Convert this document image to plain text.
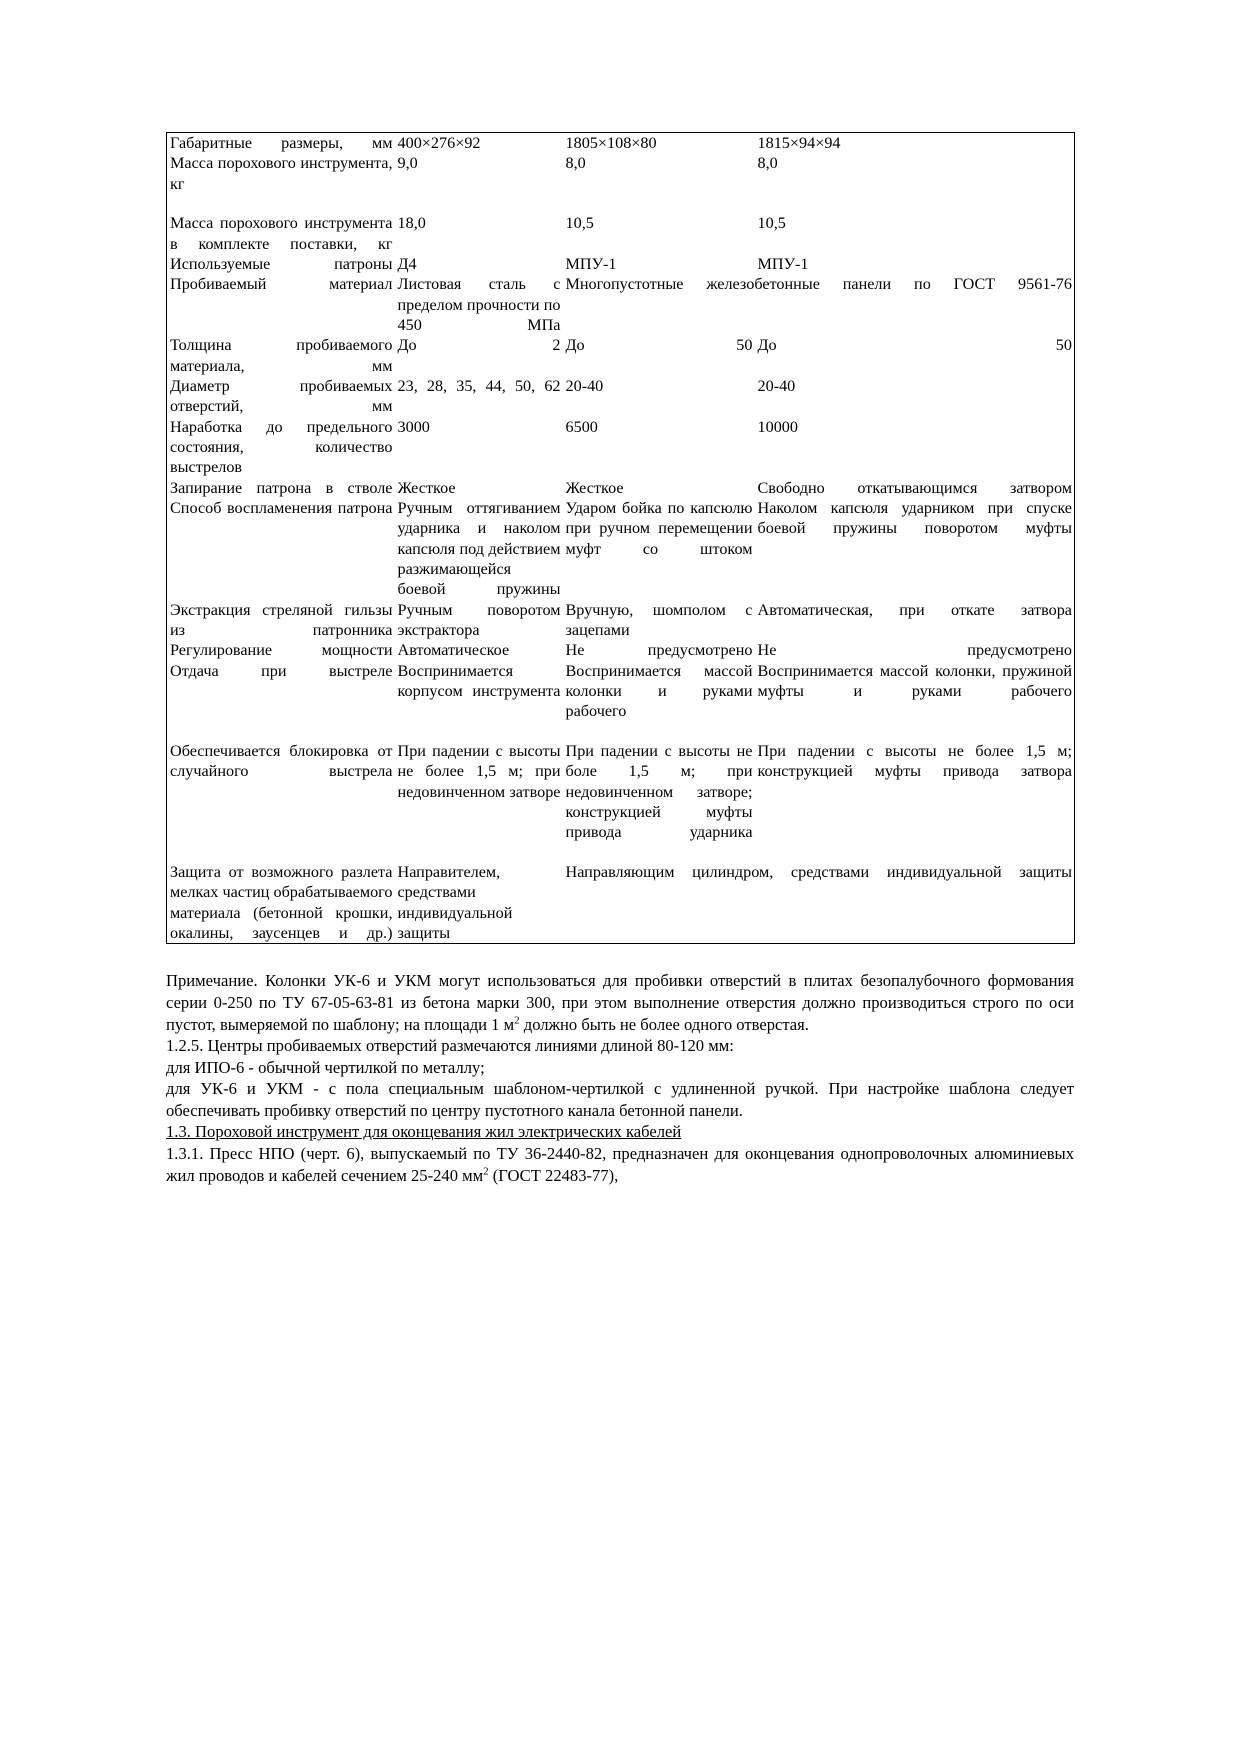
Габаритные размеры, мм	400×276×92	1805×108×80	1815×94×94
Масса порохового инструмента, кг	9,0	8,0	8,0

Масса порохового инструмента в комплекте поставки, кг	18,0	10,5	10,5
Используемые патроны	Д4	МПУ-1	МПУ-1
Пробиваемый материал	Листовая сталь с пределом прочности по 450 МПа	Многопустотные железобетонные панели по ГОСТ 9561-76	
Толщина пробиваемого материала, мм	До 2	До 50	До 50
Диаметр пробиваемых отверстий, мм	23, 28, 35, 44, 50, 62	20-40	20-40
Наработка до предельного состояния, количество выстрелов	3000	6500	10000
Запирание патрона в стволе	Жесткое	Жесткое	Свободно откатывающимся затвором
Способ воспламенения патрона	Ручным оттягиванием ударника и наколом капсюля под действием разжимающейся боевой пружины	Ударом бойка по капсюлю при ручном перемещении муфт со штоком	Наколом капсюля ударником при спуске боевой пружины поворотом муфты
Экстракция стреляной гильзы из патронника	Ручным поворотом экстрактора	Вручную, шомполом с зацепами	Автоматическая, при откате затвора
Регулирование мощности	Автоматическое	Не предусмотрено	Не предусмотрено
Отдача при выстреле	Воспринимается корпусом инструмента	Воспринимается массой колонки и руками рабочего	Воспринимается массой колонки, пружиной муфты и руками рабочего

Обеспечивается блокировка от случайного выстрела	При падении с высоты не более 1,5 м; при недовинченном затворе	При падении с высоты не боле 1,5 м; при недовинченном затворе; конструкцией муфты привода ударника	При падении с высоты не более 1,5 м; конструкцией муфты привода затвора

Защита от возможного разлета мелках частиц обрабатываемого материала (бетонной крошки, окалины, заусенцев и др.)	Направителем, средствами индивидуальной защиты	Направляющим цилиндром, средствами индивидуальной защиты	

Примечание. Колонки УК-6 и УКМ могут использоваться для пробивки отверстий в плитах безопалубочного формования серии 0-250 по ТУ 67-05-63-81 из бетона марки 300, при этом выполнение отверстия должно производиться строго по оси пустот, вымеряемой по шаблону; на площади 1 $м^2$ должно быть не более одного отверстая.

1.2.5. Центры пробиваемых отверстий размечаются линиями длиной 80-120 мм:

для ИПО-6 - обычной чертилкой по металлу;

для УК-6 и УКМ - с пола специальным шаблоном-чертилкой с удлиненной ручкой. При настройке шаблона следует обеспечивать пробивку отверстий по центру пустотного канала бетонной панели.

1.3. Пороховой инструмент для оконцевания жил электрических кабелей

1.3.1. Пресс НПО (черт. 6), выпускаемый по ТУ 36-2440-82, предназначен для оконцевания однопроволочных алюминиевых жил проводов и кабелей сечением 25-240 $мм^2$ (ГОСТ 22483-77),
